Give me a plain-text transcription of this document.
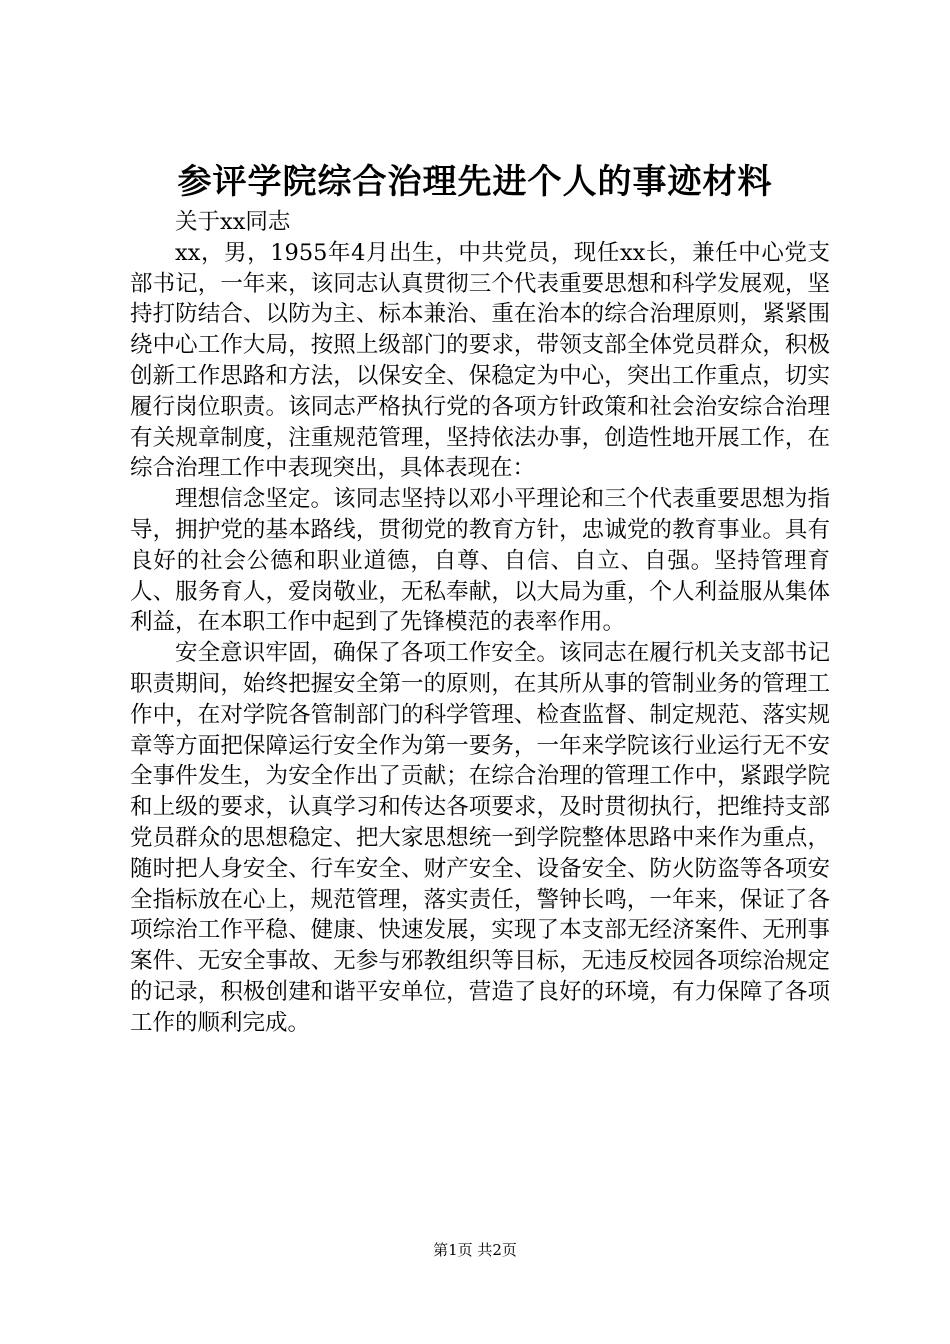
参评学院综合治理先进个人的事迹材料

关于xx同志

xx，男，1955年4月出生，中共党员，现任xx长，兼任中心党支部书记，一年来，该同志认真贯彻三个代表重要思想和科学发展观，坚持打防结合、以防为主、标本兼治、重在治本的综合治理原则，紧紧围绕中心工作大局，按照上级部门的要求，带领支部全体党员群众，积极创新工作思路和方法，以保安全、保稳定为中心，突出工作重点，切实履行岗位职责。该同志严格执行党的各项方针政策和社会治安综合治理有关规章制度，注重规范管理，坚持依法办事，创造性地开展工作，在综合治理工作中表现突出，具体表现在：

理想信念坚定。该同志坚持以邓小平理论和三个代表重要思想为指导，拥护党的基本路线，贯彻党的教育方针，忠诚党的教育事业。具有良好的社会公德和职业道德，自尊、自信、自立、自强。坚持管理育人、服务育人，爱岗敬业，无私奉献，以大局为重，个人利益服从集体利益，在本职工作中起到了先锋模范的表率作用。

安全意识牢固，确保了各项工作安全。该同志在履行机关支部书记职责期间，始终把握安全第一的原则，在其所从事的管制业务的管理工作中，在对学院各管制部门的科学管理、检查监督、制定规范、落实规章等方面把保障运行安全作为第一要务，一年来学院该行业运行无不安全事件发生，为安全作出了贡献；在综合治理的管理工作中，紧跟学院和上级的要求，认真学习和传达各项要求，及时贯彻执行，把维持支部党员群众的思想稳定、把大家思想统一到学院整体思路中来作为重点，随时把人身安全、行车安全、财产安全、设备安全、防火防盗等各项安全指标放在心上，规范管理，落实责任，警钟长鸣，一年来，保证了各项综治工作平稳、健康、快速发展，实现了本支部无经济案件、无刑事案件、无安全事故、无参与邪教组织等目标，无违反校园各项综治规定的记录，积极创建和谐平安单位，营造了良好的环境，有力保障了各项工作的顺利完成。

第1页 共2页
